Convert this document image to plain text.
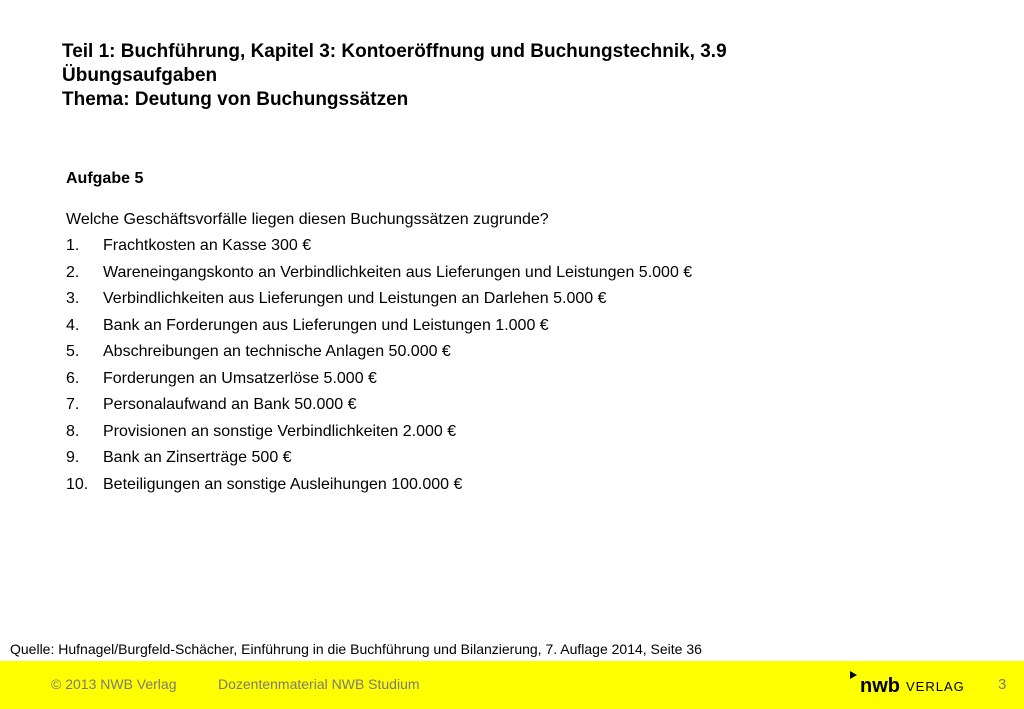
Teil 1: Buchführung, Kapitel 3: Kontoeröffnung und Buchungstechnik, 3.9
Übungsaufgaben
Thema: Deutung von Buchungssätzen
Aufgabe 5
Welche Geschäftsvorfälle liegen diesen Buchungssätzen zugrunde?
1.	Frachtkosten an Kasse 300 €
2.	Wareneingangskonto an Verbindlichkeiten aus Lieferungen und Leistungen 5.000 €
3.	Verbindlichkeiten aus Lieferungen und Leistungen an Darlehen 5.000 €
4.	Bank an Forderungen aus Lieferungen und Leistungen 1.000 €
5.	Abschreibungen an technische Anlagen 50.000 €
6.	Forderungen an Umsatzerlöse 5.000 €
7.	Personalaufwand an Bank 50.000 €
8.	Provisionen an sonstige Verbindlichkeiten 2.000 €
9.	Bank an Zinserträge 500 €
10. Beteiligungen an sonstige Ausleihungen 100.000 €
Quelle: Hufnagel/Burgfeld-Schächer, Einführung in die Buchführung und Bilanzierung, 7. Auflage 2014, Seite 36
© 2013 NWB Verlag	Dozentenmaterial NWB Studium	nwb VERLAG 3
